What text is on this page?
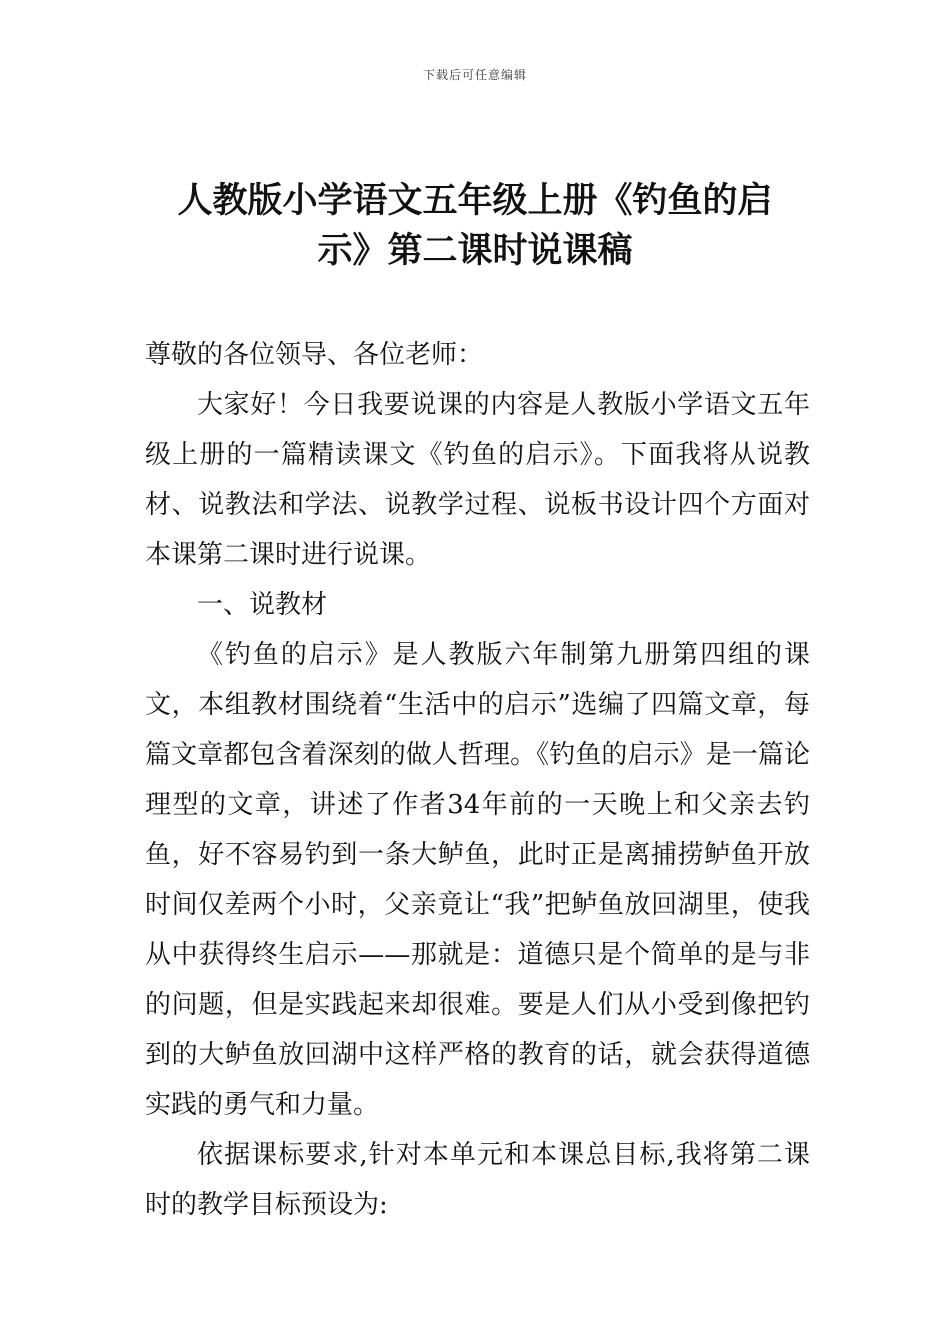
下载后可任意编辑
人教版小学语文五年级上册《钓鱼的启
示》第二课时说课稿

尊敬的各位领导、各位老师：

大家好！今日我要说课的内容是人教版小学语文五年级上册的一篇精读课文《钓鱼的启示》。下面我将从说教材、说教法和学法、说教学过程、说板书设计四个方面对本课第二课时进行说课。

一、说教材

《钓鱼的启示》是人教版六年制第九册第四组的课文，本组教材围绕着“生活中的启示”选编了四篇文章，每篇文章都包含着深刻的做人哲理。《钓鱼的启示》是一篇论理型的文章，讲述了作者34年前的一天晚上和父亲去钓鱼，好不容易钓到一条大鲈鱼，此时正是离捕捞鲈鱼开放时间仅差两个小时，父亲竟让“我”把鲈鱼放回湖里，使我从中获得终生启示——那就是：道德只是个简单的是与非的问题，但是实践起来却很难。要是人们从小受到像把钓到的大鲈鱼放回湖中这样严格的教育的话，就会获得道德实践的勇气和力量。

依据课标要求,针对本单元和本课总目标,我将第二课时的教学目标预设为:
